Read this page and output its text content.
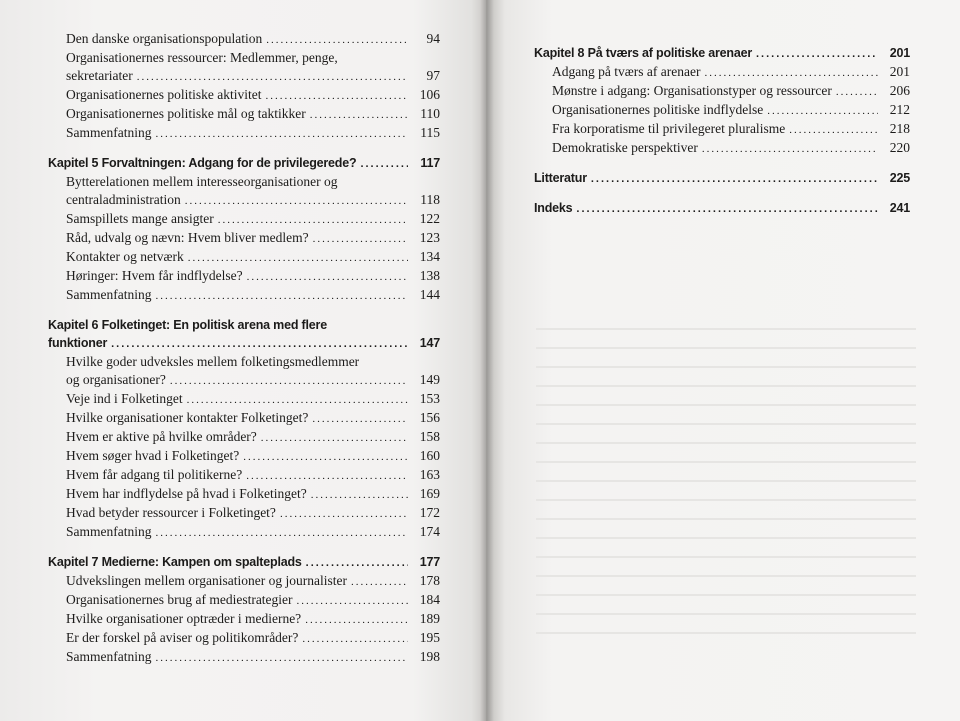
Den danske organisationspopulation .....	94
Organisationernes ressourcer: Medlemmer, penge,
sekretariater .....	97
Organisationernes politiske aktivitet .....	106
Organisationernes politiske mål og taktikker .....	110
Sammenfatning .....	115
Kapitel 5 Forvaltningen: Adgang for de privilegerede? .....	117
Bytterelationen mellem interesseorganisationer og
centraladministration .....	118
Samspillets mange ansigter .....	122
Råd, udvalg og nævn: Hvem bliver medlem? .....	123
Kontakter og netværk .....	134
Høringer: Hvem får indflydelse? .....	138
Sammenfatning .....	144
Kapitel 6 Folketinget: En politisk arena med flere
funktioner .....	147
Hvilke goder udveksles mellem folketingsmedlemmer
og organisationer? .....	149
Veje ind i Folketinget .....	153
Hvilke organisationer kontakter Folketinget? .....	156
Hvem er aktive på hvilke områder? .....	158
Hvem søger hvad i Folketinget? .....	160
Hvem får adgang til politikerne? .....	163
Hvem har indflydelse på hvad i Folketinget? .....	169
Hvad betyder ressourcer i Folketinget? .....	172
Sammenfatning .....	174
Kapitel 7 Medierne: Kampen om spalteplads .....	177
Udvekslingen mellem organisationer og journalister .....	178
Organisationernes brug af mediestrategier .....	184
Hvilke organisationer optræder i medierne? .....	189
Er der forskel på aviser og politikområder? .....	195
Sammenfatning .....	198
Kapitel 8 På tværs af politiske arenaer .....	201
Adgang på tværs af arenaer .....	201
Mønstre i adgang: Organisationstyper og ressourcer .....	206
Organisationernes politiske indflydelse .....	212
Fra korporatisme til privilegeret pluralisme .....	218
Demokratiske perspektiver .....	220
Litteratur .....	225
Indeks .....	241
